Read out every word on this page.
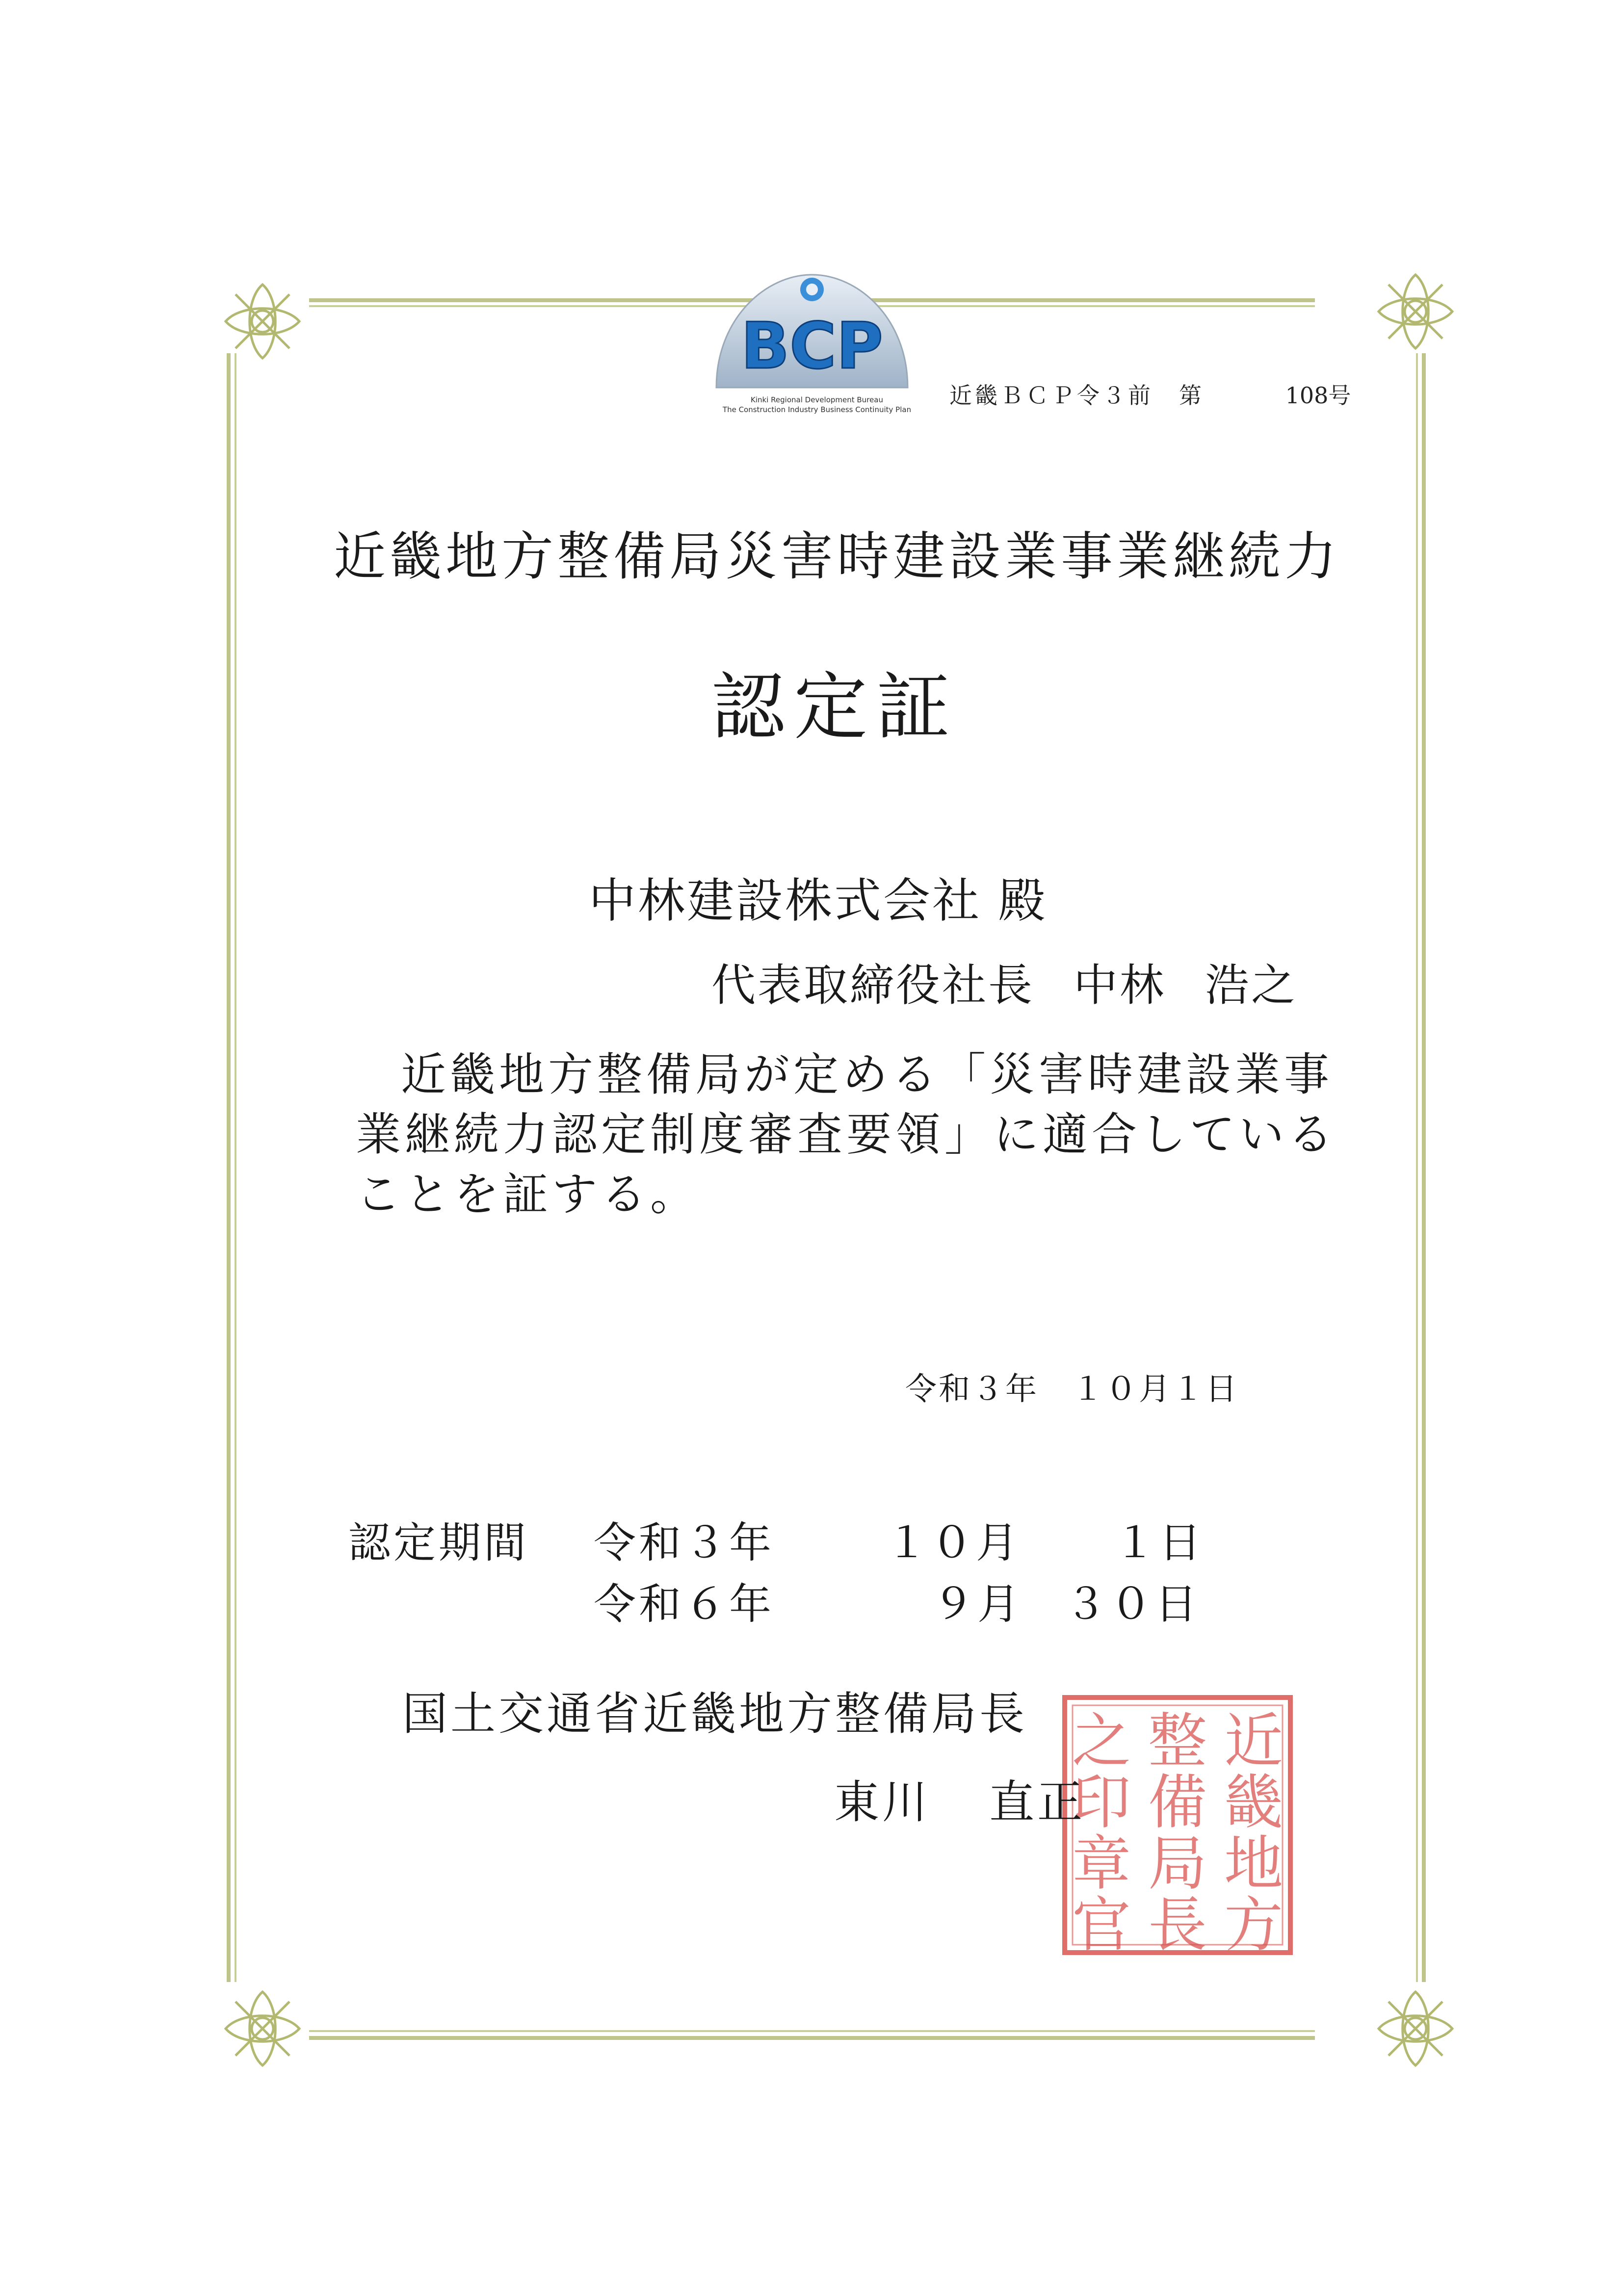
BCP
Kinki Regional Development Bureau
The Construction Industry Business Continuity Plan
近畿ＢＣＰ令３前　第	108号
近畿地方整備局災害時建設業事業継続力
認定証
中林建設株式会社 殿
代表取締役社長 中林 浩之
近畿地方整備局が定める「災害時建設業事
業継続力認定制度審査要領」に適合している
ことを証する。
令和３年　１０月１日
認定期間 令和３年	１０月 １日
令和６年	９月 ３０日
近
畿
地
方
整
備
局
長
之
印
章
官
国土交通省近畿地方整備局長
東川 直正
